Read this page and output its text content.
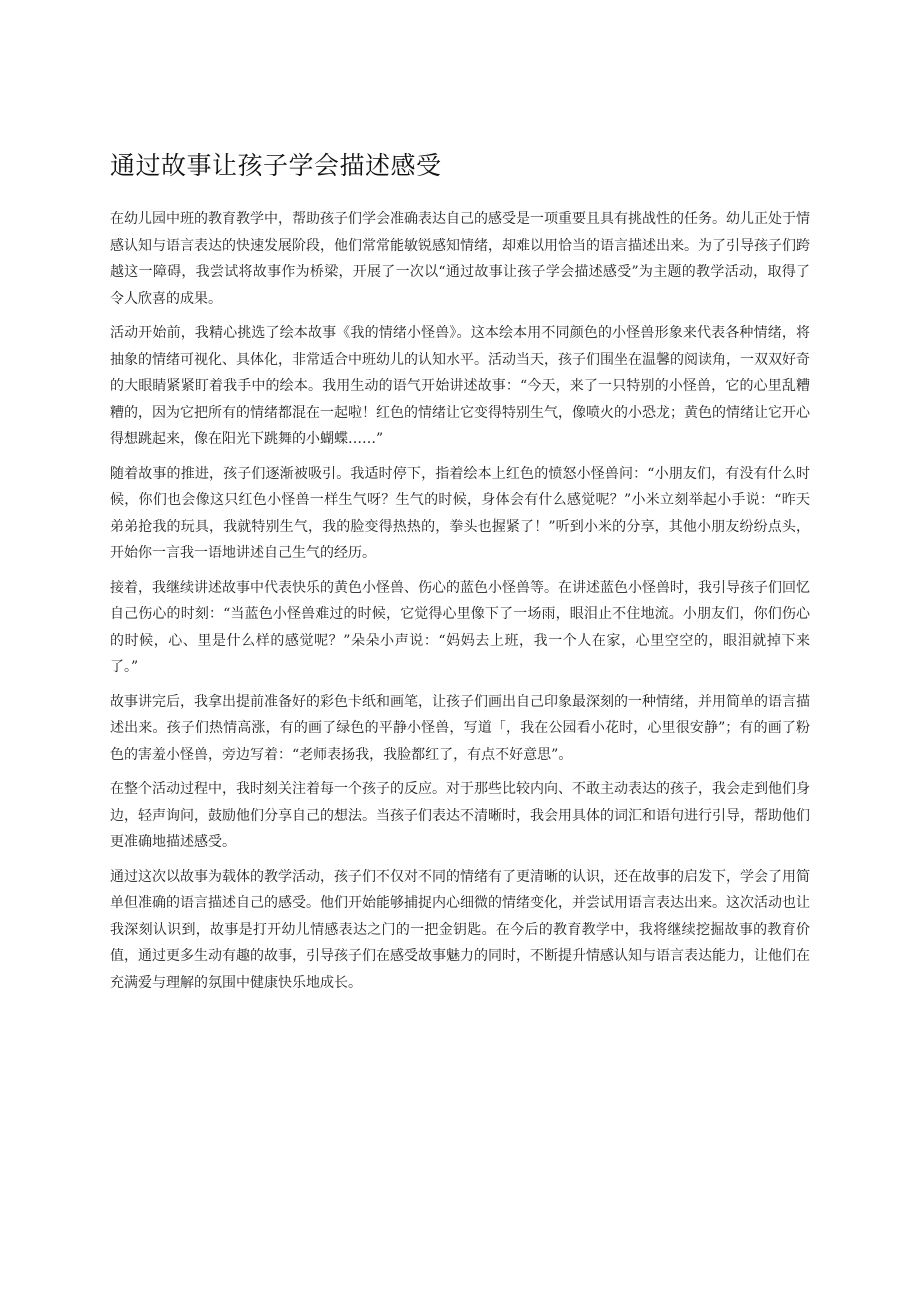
通过故事让孩子学会描述感受

在幼儿园中班的教育教学中，帮助孩子们学会准确表达自己的感受是一项重要且具有挑战性的任务。幼儿正处于情感认知与语言表达的快速发展阶段，他们常常能敏锐感知情绪，却难以用恰当的语言描述出来。为了引导孩子们跨越这一障碍，我尝试将故事作为桥梁，开展了一次以“通过故事让孩子学会描述感受”为主题的教学活动，取得了令人欣喜的成果。

活动开始前，我精心挑选了绘本故事《我的情绪小怪兽》。这本绘本用不同颜色的小怪兽形象来代表各种情绪，将抽象的情绪可视化、具体化，非常适合中班幼儿的认知水平。活动当天，孩子们围坐在温馨的阅读角，一双双好奇的大眼睛紧紧盯着我手中的绘本。我用生动的语气开始讲述故事：“今天，来了一只特别的小怪兽，它的心里乱糟糟的，因为它把所有的情绪都混在一起啦！红色的情绪让它变得特别生气，像喷火的小恐龙；黄色的情绪让它开心得想跳起来，像在阳光下跳舞的小蝴蝶……”

随着故事的推进，孩子们逐渐被吸引。我适时停下，指着绘本上红色的愤怒小怪兽问：“小朋友们，有没有什么时候，你们也会像这只红色小怪兽一样生气呀？生气的时候，身体会有什么感觉呢？”小米立刻举起小手说：“昨天弟弟抢我的玩具，我就特别生气，我的脸变得热热的，拳头也握紧了！”听到小米的分享，其他小朋友纷纷点头，开始你一言我一语地讲述自己生气的经历。

接着，我继续讲述故事中代表快乐的黄色小怪兽、伤心的蓝色小怪兽等。在讲述蓝色小怪兽时，我引导孩子们回忆自己伤心的时刻：“当蓝色小怪兽难过的时候，它觉得心里像下了一场雨，眼泪止不住地流。小朋友们，你们伤心的时候，心、里是什么样的感觉呢？”朵朵小声说：“妈妈去上班，我一个人在家，心里空空的，眼泪就掉下来了。”

故事讲完后，我拿出提前准备好的彩色卡纸和画笔，让孩子们画出自己印象最深刻的一种情绪，并用简单的语言描述出来。孩子们热情高涨，有的画了绿色的平静小怪兽，写道「，我在公园看小花时，心里很安静”；有的画了粉色的害羞小怪兽，旁边写着：“老师表扬我，我脸都红了，有点不好意思”。

在整个活动过程中，我时刻关注着每一个孩子的反应。对于那些比较内向、不敢主动表达的孩子，我会走到他们身边，轻声询问，鼓励他们分享自己的想法。当孩子们表达不清晰时，我会用具体的词汇和语句进行引导，帮助他们更准确地描述感受。

通过这次以故事为载体的教学活动，孩子们不仅对不同的情绪有了更清晰的认识，还在故事的启发下，学会了用简单但准确的语言描述自己的感受。他们开始能够捕捉内心细微的情绪变化，并尝试用语言表达出来。这次活动也让我深刻认识到，故事是打开幼儿情感表达之门的一把金钥匙。在今后的教育教学中，我将继续挖掘故事的教育价值，通过更多生动有趣的故事，引导孩子们在感受故事魅力的同时，不断提升情感认知与语言表达能力，让他们在充满爱与理解的氛围中健康快乐地成长。
